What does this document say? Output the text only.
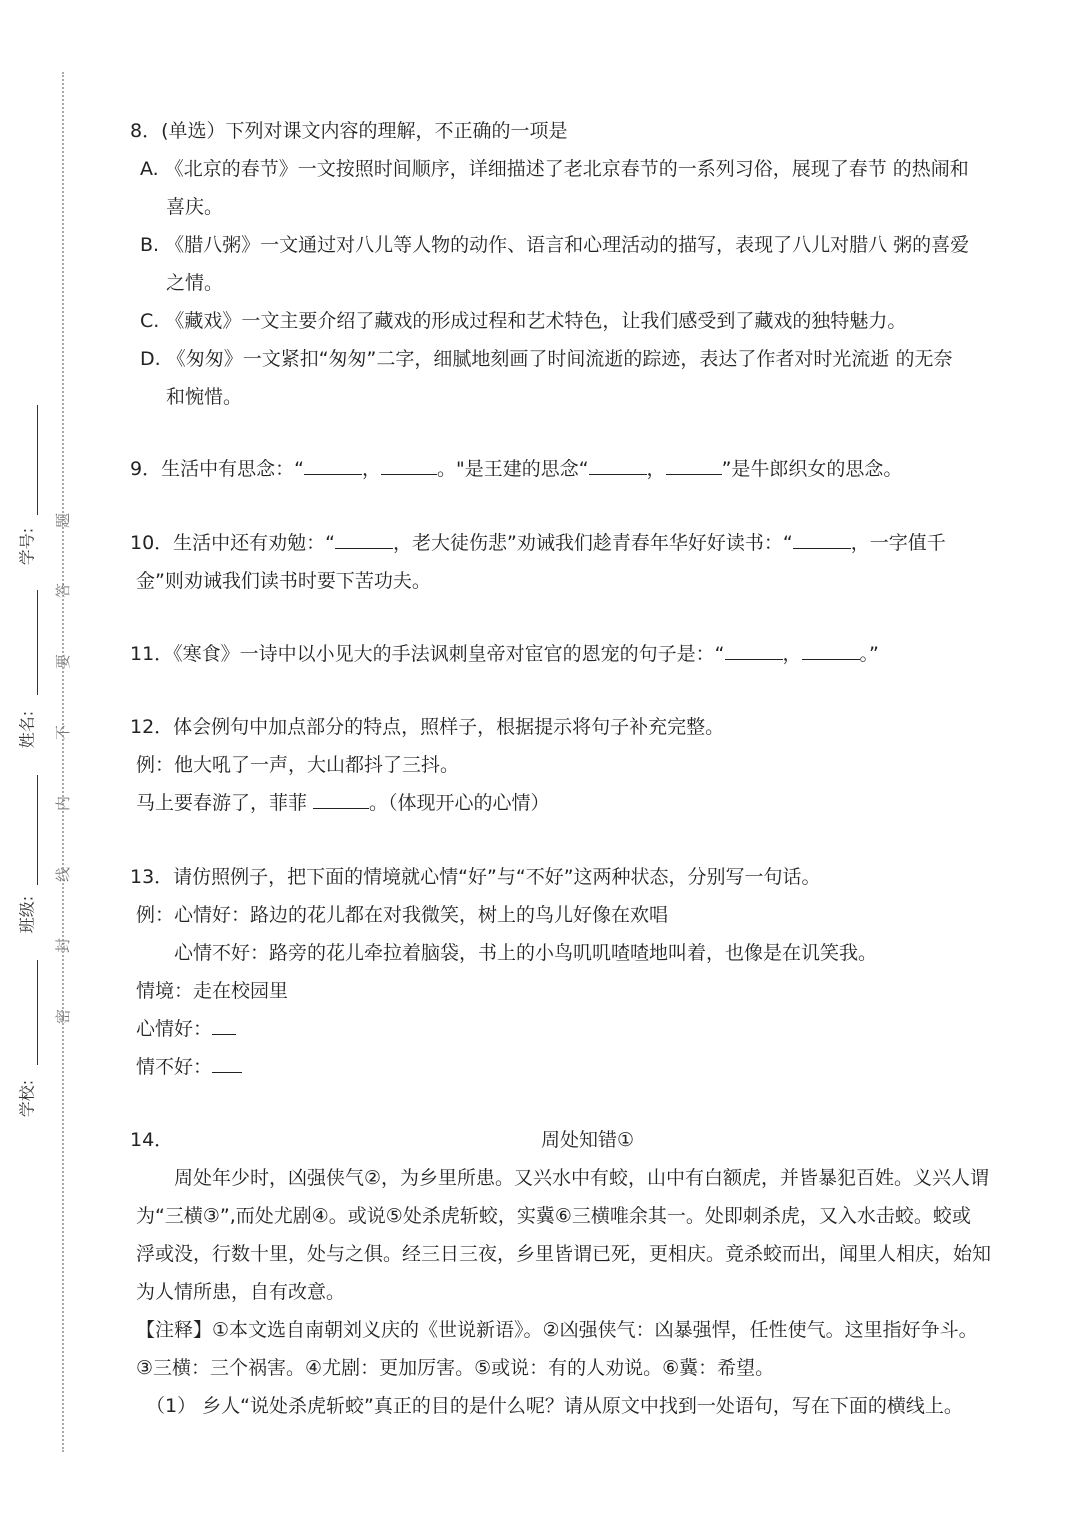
学号:
姓名:
班级:
学校:
题
答
要
不
内
线
封
密
8．(单选）下列对课文内容的理解，不正确的一项是
A. 《北京的春节》一文按照时间顺序，详细描述了老北京春节的一系列习俗，展现了春节 的热闹和
喜庆。
B. 《腊八粥》一文通过对八儿等人物的动作、语言和心理活动的描写，表现了八儿对腊八 粥的喜爱
之情。
C. 《藏戏》一文主要介绍了藏戏的形成过程和艺术特色，让我们感受到了藏戏的独特魅力。
D. 《匆匆》一文紧扣“匆匆”二字，细腻地刻画了时间流逝的踪迹，表达了作者对时光流逝 的无奈
和惋惜。
9．生活中有思念：“	，	。"是王建的思念“	，	”是牛郎织女的思念。
10．生活中还有劝勉：“	，老大徒伤悲”劝诫我们趁青春年华好好读书：“	，一字值千
金”则劝诫我们读书时要下苦功夫。
11．《寒食》一诗中以小见大的手法讽刺皇帝对宦官的恩宠的句子是：“	，	。”
12．体会例句中加点部分的特点，照样子，根据提示将句子补充完整。
例：他大吼了一声，大山都抖了三抖。
马上要春游了，菲菲	。（体现开心的心情）
13．请仿照例子，把下面的情境就心情“好”与“不好”这两种状态，分别写一句话。
例：心情好：路边的花儿都在对我微笑，树上的鸟儿好像在欢唱
心情不好：路旁的花儿牵拉着脑袋，书上的小鸟叽叽喳喳地叫着，也像是在讥笑我。
情境：走在校园里
心情好：
情不好：
14．	周处知错①
周处年少时，凶强侠气②，为乡里所患。又兴水中有蛟，山中有白额虎，并皆暴犯百姓。义兴人谓
为“三横③”,而处尤剧④。或说⑤处杀虎斩蛟，实冀⑥三横唯余其一。处即刺杀虎，又入水击蛟。蛟或
浮或没，行数十里，处与之俱。经三日三夜，乡里皆谓已死，更相庆。竟杀蛟而出，闻里人相庆，始知
为人情所患，自有改意。
【注释】①本文选自南朝刘义庆的《世说新语》。②凶强侠气：凶暴强悍，任性使气。这里指好争斗。
③三横：三个祸害。④尤剧：更加厉害。⑤或说：有的人劝说。⑥冀：希望。
（1） 乡人“说处杀虎斩蛟”真正的目的是什么呢？请从原文中找到一处语句，写在下面的横线上。
